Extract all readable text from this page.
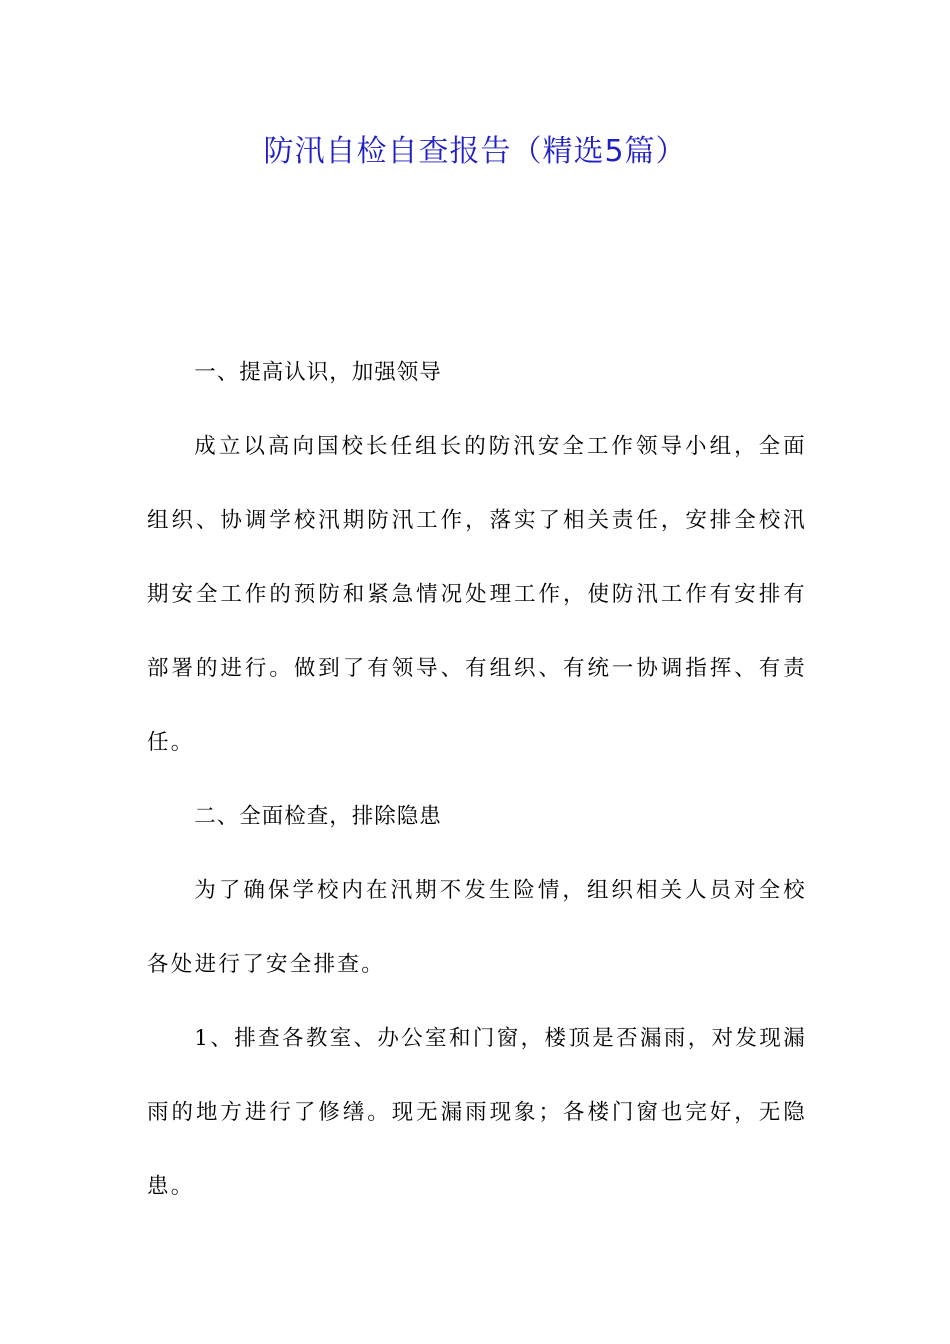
防汛自检自查报告（精选5篇）

一、提高认识，加强领导

成立以高向国校长任组长的防汛安全工作领导小组，全面组织、协调学校汛期防汛工作，落实了相关责任，安排全校汛期安全工作的预防和紧急情况处理工作，使防汛工作有安排有部署的进行。做到了有领导、有组织、有统一协调指挥、有责任。

二、全面检查，排除隐患

为了确保学校内在汛期不发生险情，组织相关人员对全校各处进行了安全排查。

1、排查各教室、办公室和门窗，楼顶是否漏雨，对发现漏雨的地方进行了修缮。现无漏雨现象；各楼门窗也完好，无隐患。
